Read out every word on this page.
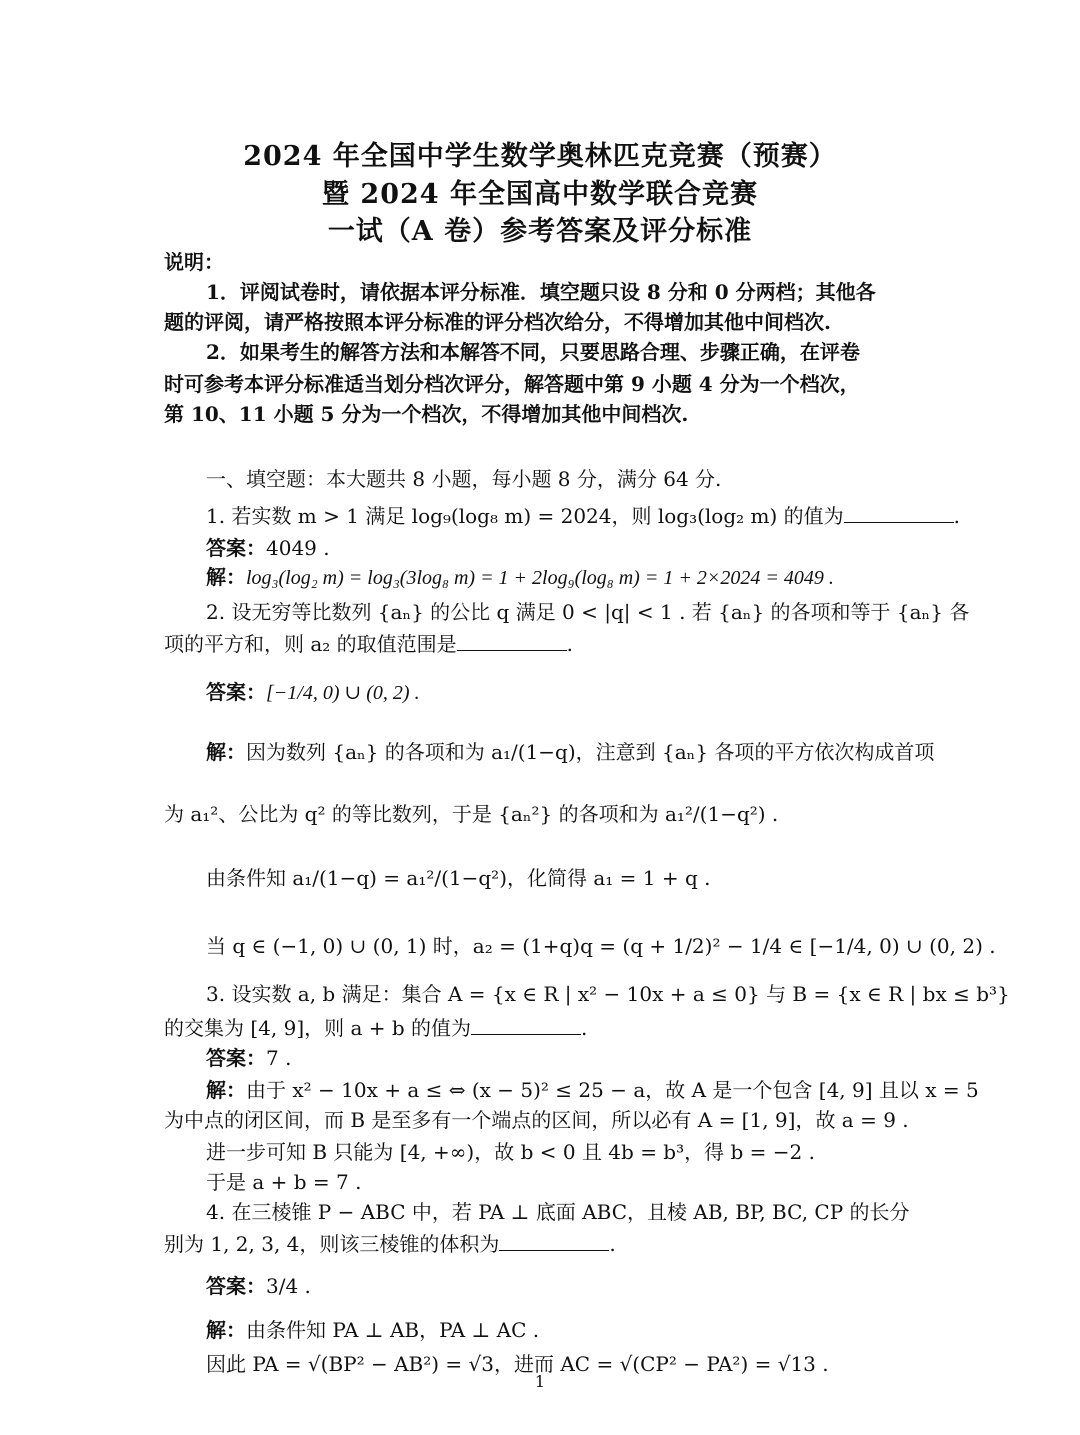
2024 年全国中学生数学奥林匹克竞赛（预赛）
暨 2024 年全国高中数学联合竞赛
一试（A 卷）参考答案及评分标准
说明：
1．评阅试卷时，请依据本评分标准．填空题只设 8 分和 0 分两档；其他各
题的评阅，请严格按照本评分标准的评分档次给分，不得增加其他中间档次.
2．如果考生的解答方法和本解答不同，只要思路合理、步骤正确，在评卷
时可参考本评分标准适当划分档次评分，解答题中第 9 小题 4 分为一个档次，
第 10、11 小题 5 分为一个档次，不得增加其他中间档次.
一、填空题：本大题共 8 小题，每小题 8 分，满分 64 分.
1. 若实数 m > 1 满足 log₉(log₈ m) = 2024，则 log₃(log₂ m) 的值为	.
答案：4049 .
解：log₃(log₂ m) = log₃(3log₈ m) = 1 + 2log₉(log₈ m) = 1 + 2×2024 = 4049 .
2. 设无穷等比数列 {aₙ} 的公比 q 满足 0 < |q| < 1 . 若 {aₙ} 的各项和等于 {aₙ} 各
项的平方和，则 a₂ 的取值范围是	.
答案：[−1/4, 0) ∪ (0, 2) .
解：因为数列 {aₙ} 的各项和为 a₁/(1−q)，注意到 {aₙ} 各项的平方依次构成首项
为 a₁²、公比为 q² 的等比数列，于是 {aₙ²} 的各项和为 a₁²/(1−q²) .
由条件知 a₁/(1−q) = a₁²/(1−q²)，化简得 a₁ = 1 + q .
当 q ∈ (−1, 0) ∪ (0, 1) 时，a₂ = (1+q)q = (q + 1/2)² − 1/4 ∈ [−1/4, 0) ∪ (0, 2) .
3. 设实数 a, b 满足：集合 A = {x ∈ R | x² − 10x + a ≤ 0} 与 B = {x ∈ R | bx ≤ b³}
的交集为 [4, 9]，则 a + b 的值为	.
答案：7 .
解：由于 x² − 10x + a ≤ ⇔ (x − 5)² ≤ 25 − a，故 A 是一个包含 [4, 9] 且以 x = 5
为中点的闭区间，而 B 是至多有一个端点的区间，所以必有 A = [1, 9]，故 a = 9 .
进一步可知 B 只能为 [4, +∞)，故 b < 0 且 4b = b³，得 b = −2 .
于是 a + b = 7 .
4. 在三棱锥 P − ABC 中，若 PA ⊥ 底面 ABC，且棱 AB, BP, BC, CP 的长分
别为 1, 2, 3, 4，则该三棱锥的体积为	.
答案：3/4 .
解：由条件知 PA ⊥ AB，PA ⊥ AC .
因此 PA = √(BP² − AB²) = √3，进而 AC = √(CP² − PA²) = √13 .
1
